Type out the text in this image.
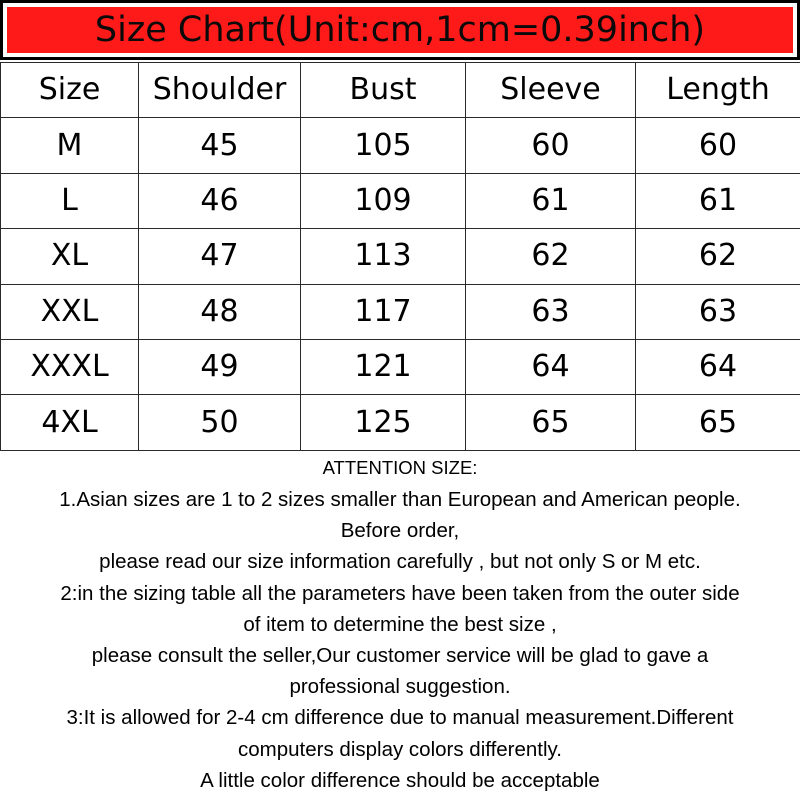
Size Chart(Unit:cm,1cm=0.39inch)
Size	Shoulder	Bust	Sleeve	Length
M	45	105	60	60
L	46	109	61	61
XL	47	113	62	62
XXL	48	117	63	63
XXXL	49	121	64	64
4XL	50	125	65	65

ATTENTION SIZE:

1.Asian sizes are 1 to 2 sizes smaller than European and American people.

Before order,

please read our size information carefully , but not only S or M etc.

2:in the sizing table all the parameters have been taken from the outer side

of item to determine the best size ,

please consult the seller,Our customer service will be glad to gave a

professional suggestion.

3:It is allowed for 2-4 cm difference due to manual measurement.Different

computers display colors differently.

A little color difference should be acceptable
